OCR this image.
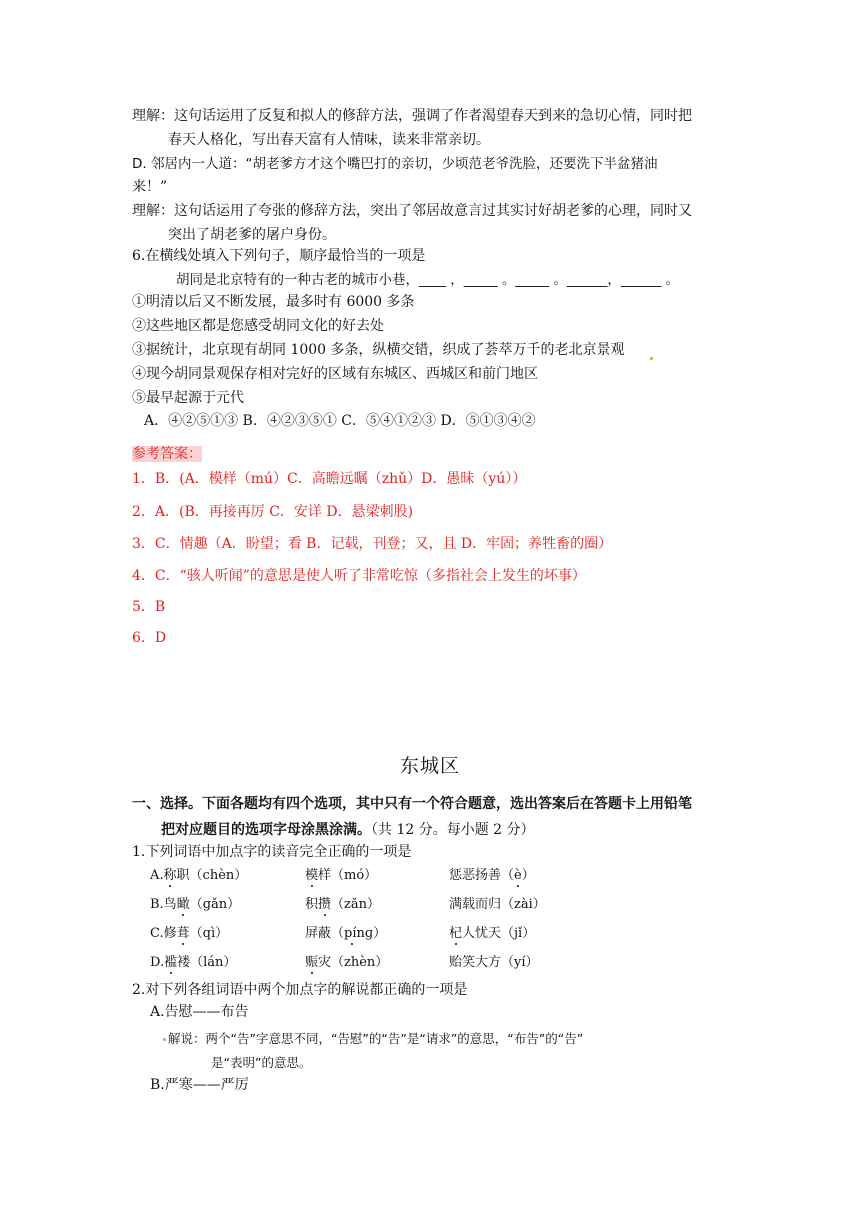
理解：这句话运用了反复和拟人的修辞方法，强调了作者渴望春天到来的急切心情，同时把
春天人格化，写出春天富有人情味，读来非常亲切。
D. 邻居内一人道：“胡老爹方才这个嘴巴打的亲切，少顷范老爷洗脸，还要洗下半盆猪油
来！”
理解：这句话运用了夸张的修辞方法，突出了邻居故意言过其实讨好胡老爹的心理，同时又
突出了胡老爹的屠户身份。
6.在横线处填入下列句子，顺序最恰当的一项是
胡同是北京特有的一种古老的城市小巷，____ ，_____ 。_____ 。______，______ 。
①明清以后又不断发展，最多时有 6000 多条
②这些地区都是您感受胡同文化的好去处
③据统计，北京现有胡同 1000 多条，纵横交错，织成了荟萃万千的老北京景观
④现今胡同景观保存相对完好的区域有东城区、西城区和前门地区
⑤最早起源于元代
A．④②⑤①③ B．④②③⑤① C．⑤④①②③ D．⑤①③④②
参考答案：
1．B．(A．模样（mú）C．高瞻远瞩（zhǔ）D．愚昧（yú））
2．A．(B．再接再厉 C．安详 D．悬梁刺股)
3．C．情趣（A．盼望；看 B．记载，刊登；又，且 D．牢固；养牲畜的圈）
4．C．“骇人听闻”的意思是使人听了非常吃惊（多指社会上发生的坏事）
5．B
6．D
东城区
一、选择。下面各题均有四个选项，其中只有一个符合题意，选出答案后在答题卡上用铅笔
把对应题目的选项字母涂黑涂满。（共 12 分。每小题 2 分）
1.下列词语中加点字的读音完全正确的一项是
A.称职（chèn）	模样（mó）	惩恶扬善（è）
B.鸟瞰（gǎn）	积攒（zǎn）	满载而归（zài）
C.修葺（qì）	屏蔽（pínɡ）	杞人忧天（jǐ）
D.褴褛（lán）	赈灾（zhèn）	贻笑大方（yí）
2.对下列各组词语中两个加点字的解说都正确的一项是
A.告慰——布告
解说：两个“告”字意思不同，“告慰”的“告”是“请求”的意思，“布告”的“告”
是“表明”的意思。
B.严寒——严厉
